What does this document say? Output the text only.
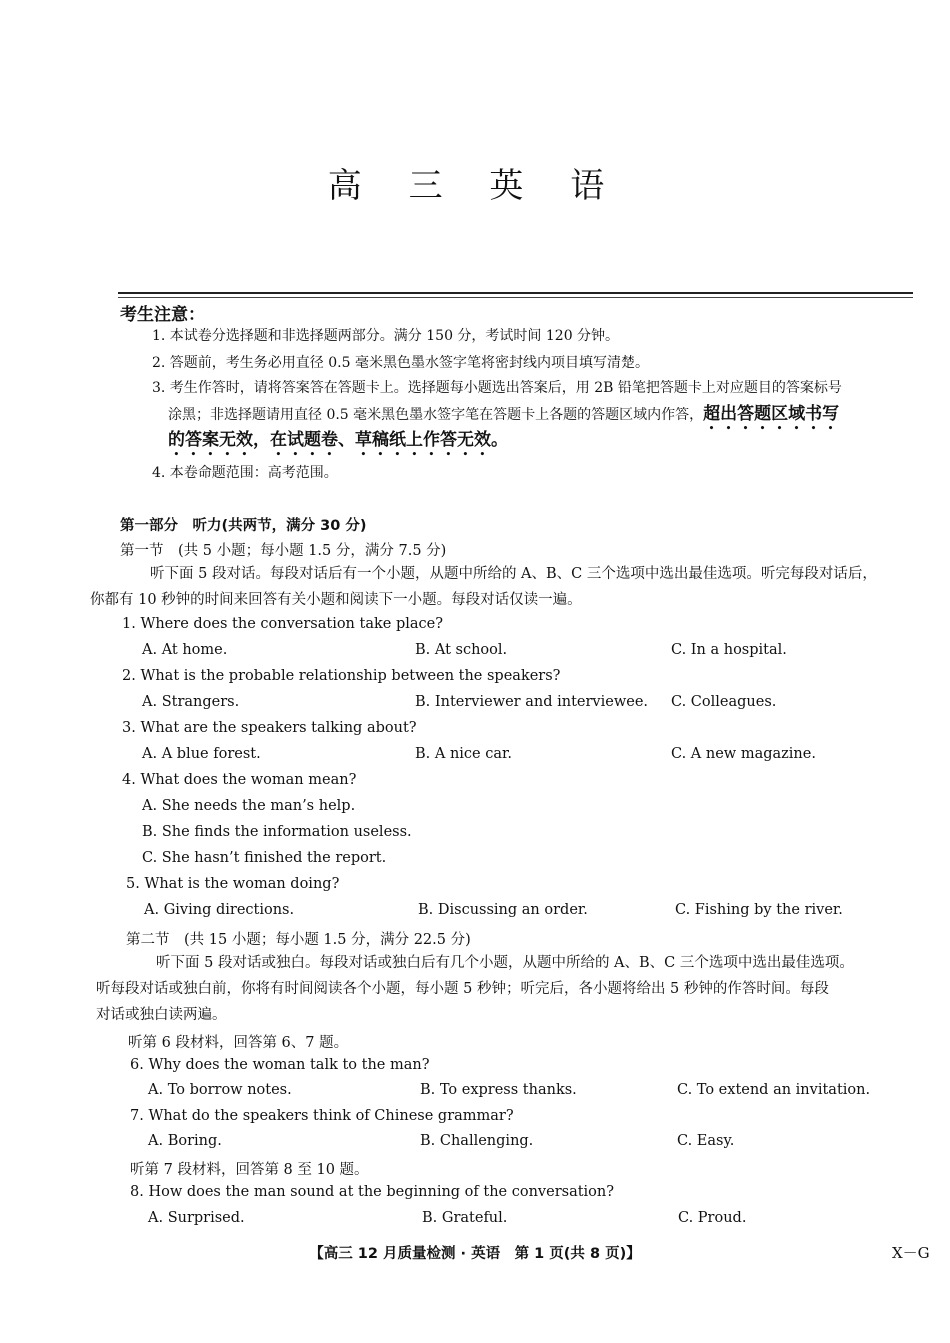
高 三 英 语
考生注意：
1. 本试卷分选择题和非选择题两部分。满分 150 分，考试时间 120 分钟。
2. 答题前，考生务必用直径 0.5 毫米黑色墨水签字笔将密封线内项目填写清楚。
3. 考生作答时，请将答案答在答题卡上。选择题每小题选出答案后，用 2B 铅笔把答题卡上对应题目的答案标号
涂黑；非选择题请用直径 0.5 毫米黑色墨水签字笔在答题卡上各题的答题区域内作答，超出答题区域书写
的答案无效，在试题卷、草稿纸上作答无效。
4. 本卷命题范围：高考范围。
第一部分　听力(共两节，满分 30 分)
第一节　(共 5 小题；每小题 1.5 分，满分 7.5 分)
听下面 5 段对话。每段对话后有一个小题，从题中所给的 A、B、C 三个选项中选出最佳选项。听完每段对话后，
你都有 10 秒钟的时间来回答有关小题和阅读下一小题。每段对话仅读一遍。
1. Where does the conversation take place?
A. At home.	B. At school.	C. In a hospital.
2. What is the probable relationship between the speakers?
A. Strangers.	B. Interviewer and interviewee. C. Colleagues.
3. What are the speakers talking about?
A. A blue forest.	B. A nice car.	C. A new magazine.
4. What does the woman mean?
A. She needs the man’s help.
B. She finds the information useless.
C. She hasn’t finished the report.
5. What is the woman doing?
A. Giving directions.	B. Discussing an order.	C. Fishing by the river.
第二节　(共 15 小题；每小题 1.5 分，满分 22.5 分)
听下面 5 段对话或独白。每段对话或独白后有几个小题，从题中所给的 A、B、C 三个选项中选出最佳选项。
听每段对话或独白前，你将有时间阅读各个小题，每小题 5 秒钟；听完后，各小题将给出 5 秒钟的作答时间。每段
对话或独白读两遍。
听第 6 段材料，回答第 6、7 题。
6. Why does the woman talk to the man?
A. To borrow notes.	B. To express thanks.	C. To extend an invitation.
7. What do the speakers think of Chinese grammar?
A. Boring.	B. Challenging.	C. Easy.
听第 7 段材料，回答第 8 至 10 题。
8. How does the man sound at the beginning of the conversation?
A. Surprised.	B. Grateful.	C. Proud.
【高三 12 月质量检测 · 英语　第 1 页(共 8 页)】	X－G
